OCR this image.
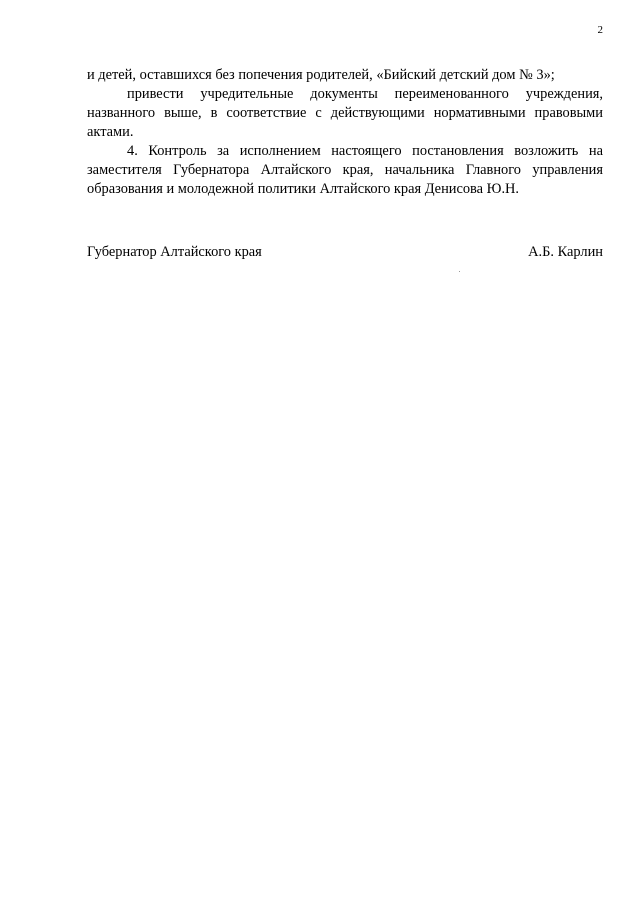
2

и детей, оставшихся без попечения родителей, «Бийский детский дом № 3»;

привести учредительные документы переименованного учреждения, названного выше, в соответствие с действующими нормативными правовыми актами.

4. Контроль за исполнением настоящего постановления возложить на заместителя Губернатора Алтайского края, начальника Главного управления образования и молодежной политики Алтайского края Денисова Ю.Н.

Губернатор Алтайского края	А.Б. Карлин
